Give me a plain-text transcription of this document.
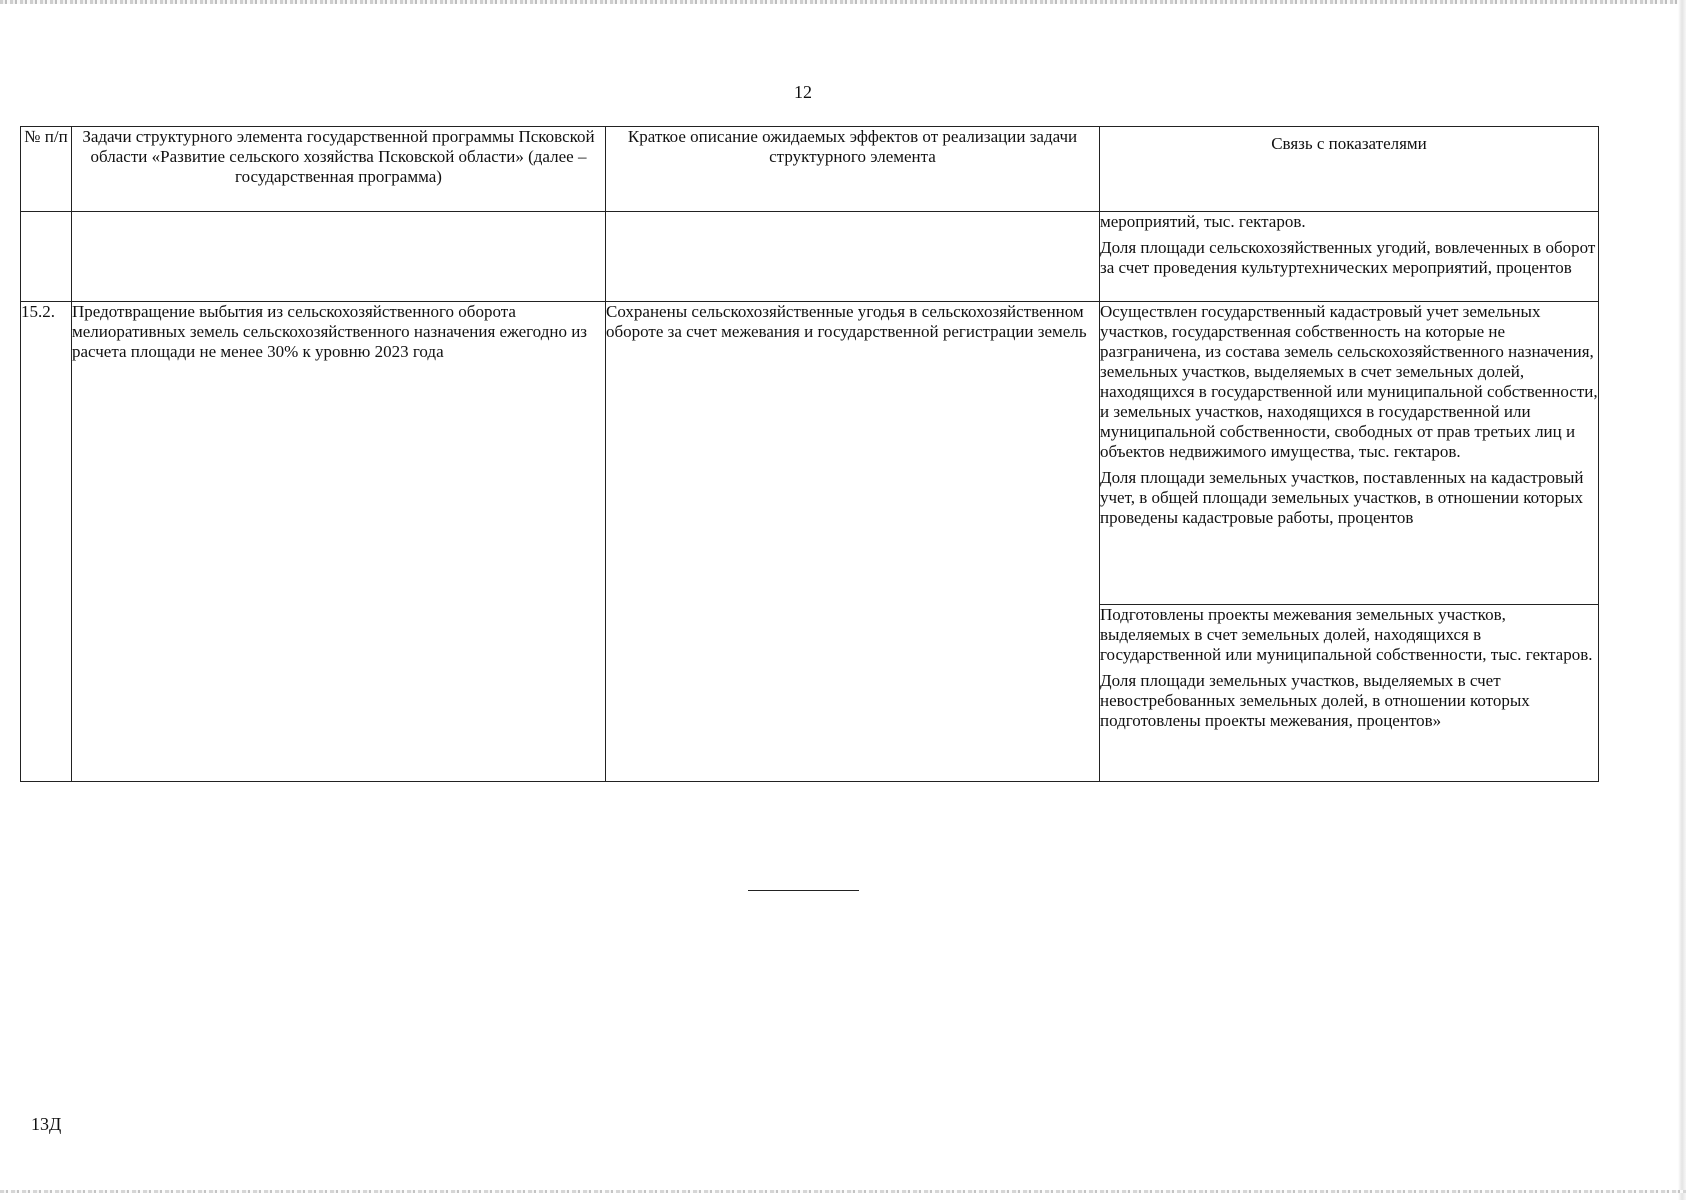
12
№ п/п	Задачи структурного элемента государственной программы Псковской области «Развитие сельского хозяйства Псковской области» (далее – государственная программа)	Краткое описание ожидаемых эффектов от реализации задачи структурного элемента	Связь с показателями

			мероприятий, тыс. гектаров.

Доля площади сельскохозяйственных угодий, вовлеченных в оборот за счет проведения культуртехнических мероприятий, процентов

15.2.	Предотвращение выбытия из сельскохозяйственного оборота мелиоративных земель сельскохозяйственного назначения ежегодно из расчета площади не менее 30% к уровню 2023 года	Сохранены сельскохозяйственные угодья в сельскохозяйственном обороте за счет межевания и государственной регистрации земель	Осуществлен государственный кадастровый учет земельных участков, государственная собственность на которые не разграничена, из состава земель сельскохозяйственного назначения, земельных участков, выделяемых в счет земельных долей, находящихся в государственной или муниципальной собственности, и земельных участков, находящихся в государственной или муниципальной собственности, свободных от прав третьих лиц и объектов недвижимого имущества, тыс. гектаров.

Доля площади земельных участков, поставленных на кадастровый учет, в общей площади земельных участков, в отношении которых проведены кадастровые работы, процентов

			Подготовлены проекты межевания земельных участков, выделяемых в счет земельных долей, находящихся в государственной или муниципальной собственности, тыс. гектаров.

Доля площади земельных участков, выделяемых в счет невостребованных земельных долей, в отношении которых подготовлены проекты межевания, процентов»

13Д
